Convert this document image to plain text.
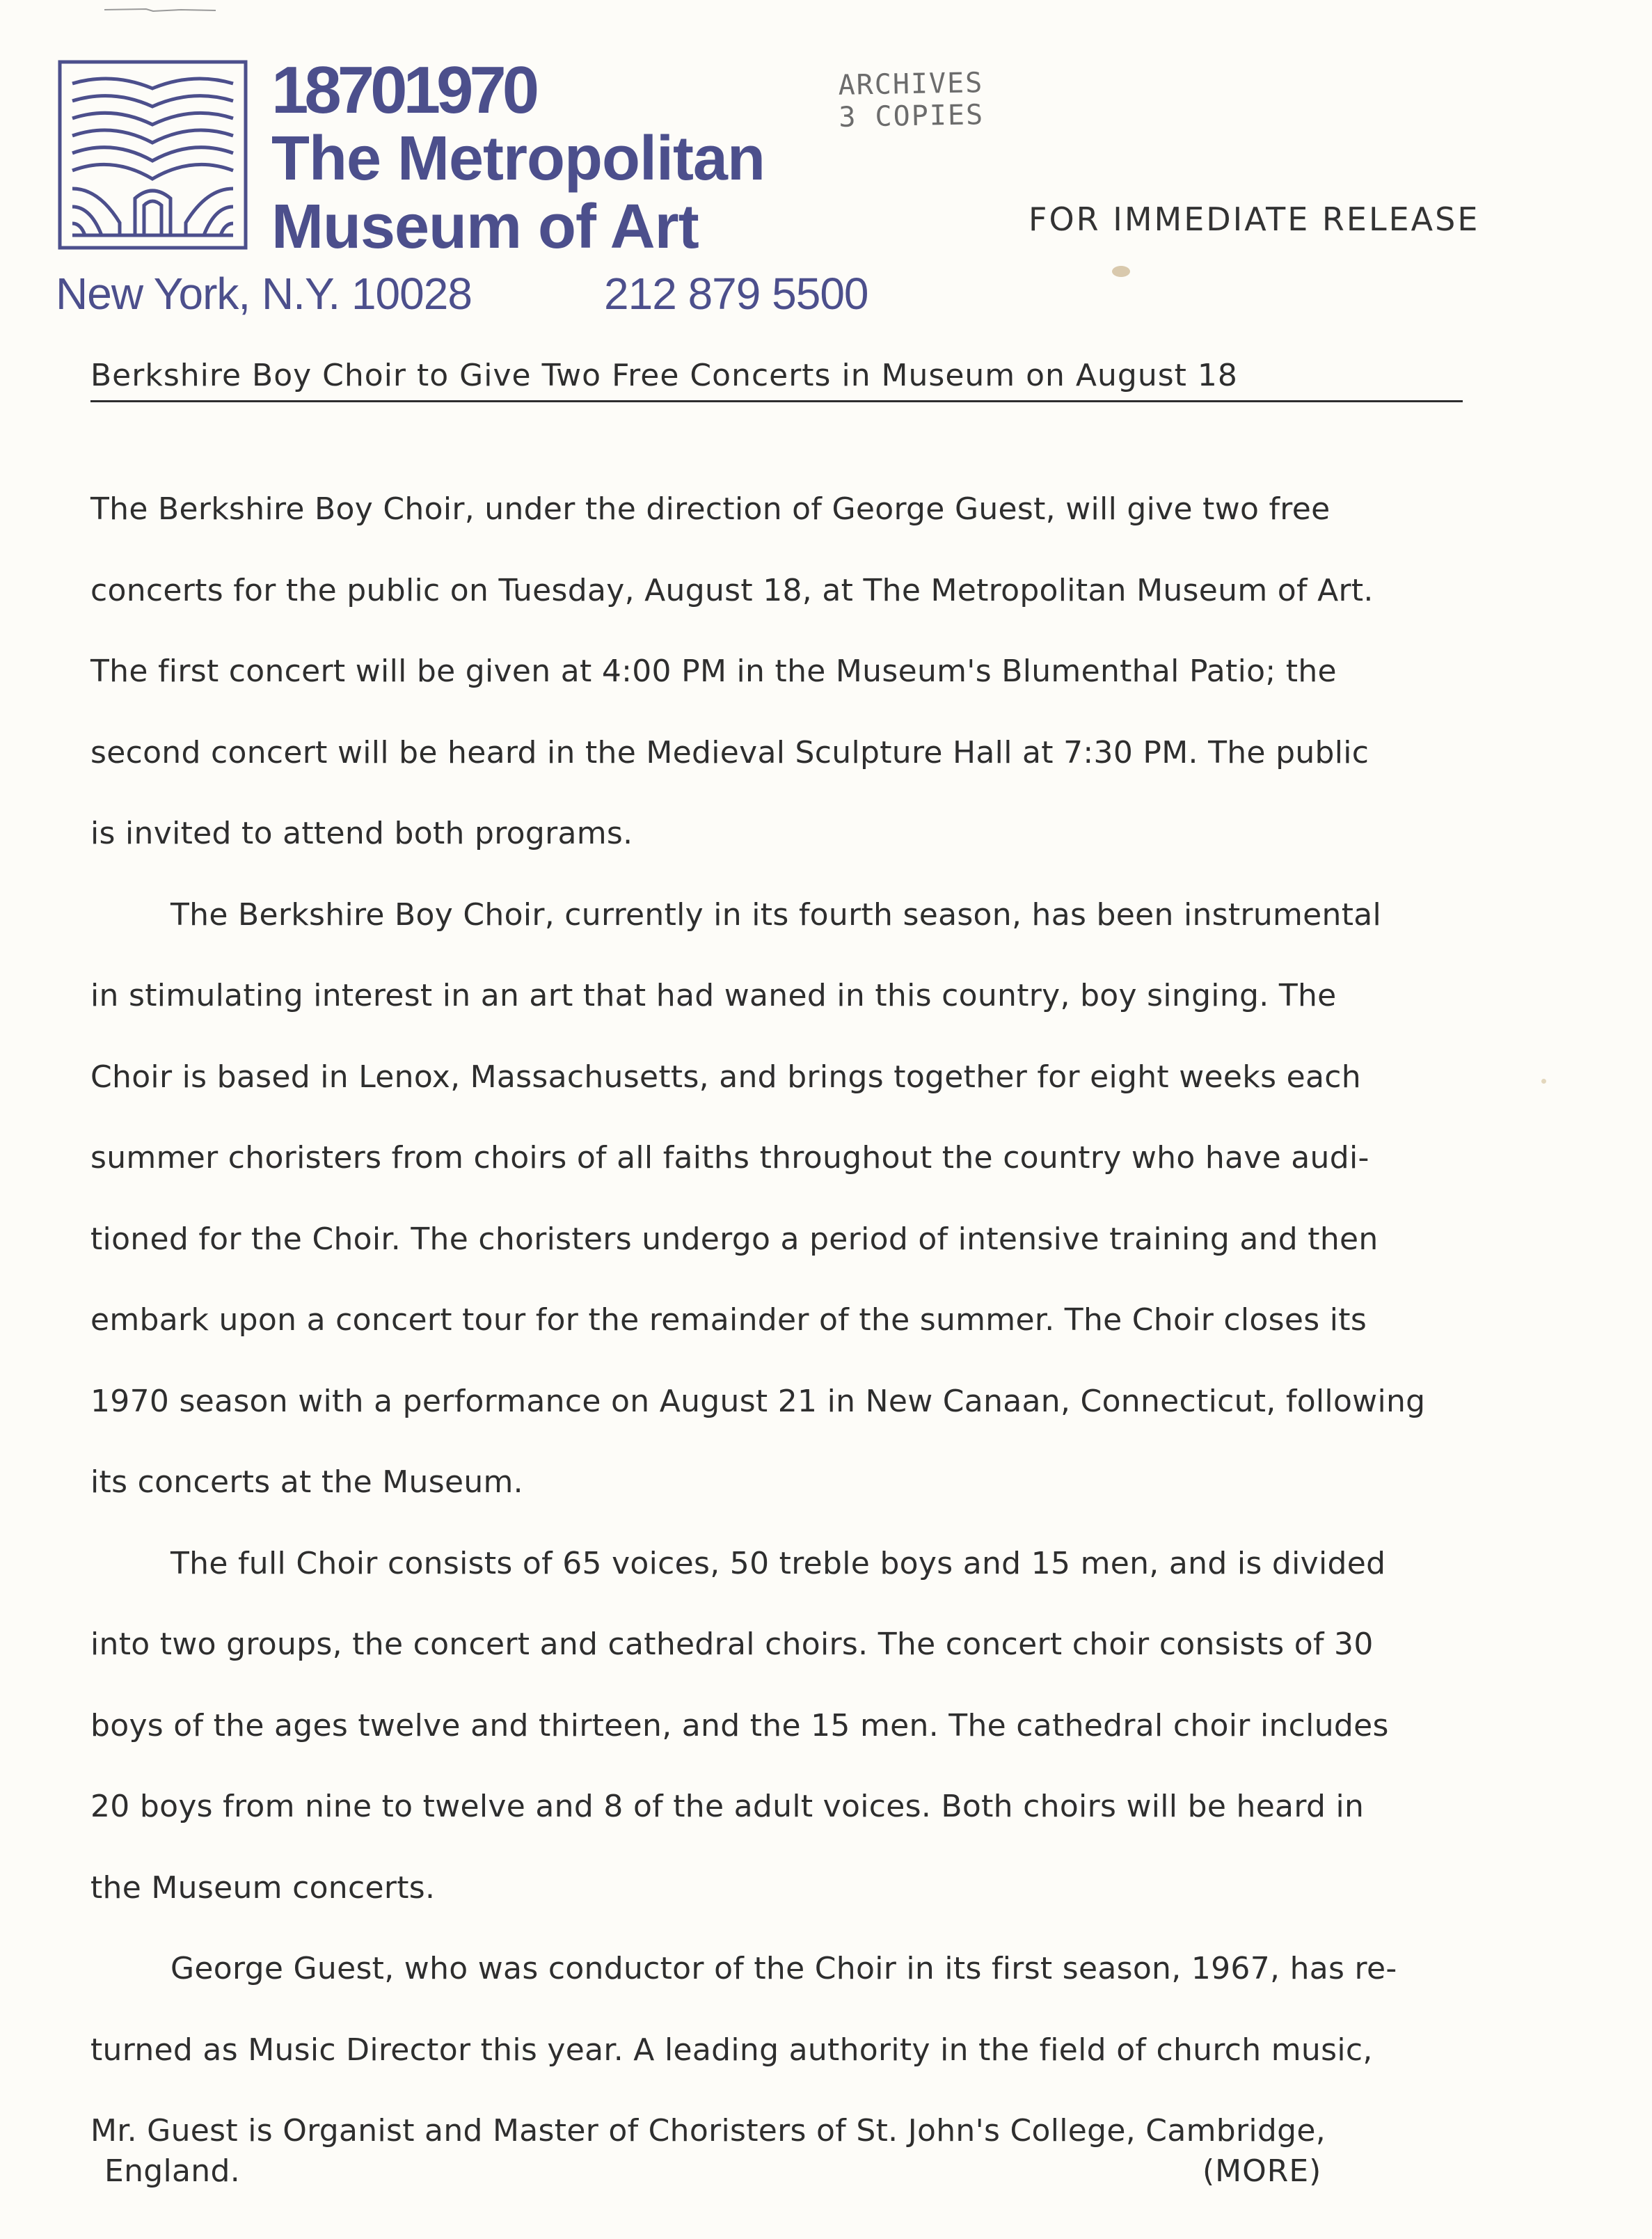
18701970
The Metropolitan
Museum of Art
New York, N.Y. 10028	212 879 5500
ARCHIVES
3 COPIES
FOR IMMEDIATE RELEASE
Berkshire Boy Choir to Give Two Free Concerts in Museum on August 18
The Berkshire Boy Choir, under the direction of George Guest, will give two free
concerts for the public on Tuesday, August 18, at The Metropolitan Museum of Art.
The first concert will be given at 4:00 PM in the Museum's Blumenthal Patio; the
second concert will be heard in the Medieval Sculpture Hall at 7:30 PM. The public
is invited to attend both programs.
The Berkshire Boy Choir, currently in its fourth season, has been instrumental
in stimulating interest in an art that had waned in this country, boy singing. The
Choir is based in Lenox, Massachusetts, and brings together for eight weeks each
summer choristers from choirs of all faiths throughout the country who have audi-
tioned for the Choir. The choristers undergo a period of intensive training and then
embark upon a concert tour for the remainder of the summer. The Choir closes its
1970 season with a performance on August 21 in New Canaan, Connecticut, following
its concerts at the Museum.
The full Choir consists of 65 voices, 50 treble boys and 15 men, and is divided
into two groups, the concert and cathedral choirs. The concert choir consists of 30
boys of the ages twelve and thirteen, and the 15 men. The cathedral choir includes
20 boys from nine to twelve and 8 of the adult voices. Both choirs will be heard in
the Museum concerts.
George Guest, who was conductor of the Choir in its first season, 1967, has re-
turned as Music Director this year. A leading authority in the field of church music,
Mr. Guest is Organist and Master of Choristers of St. John's College, Cambridge,
England.	(MORE)
